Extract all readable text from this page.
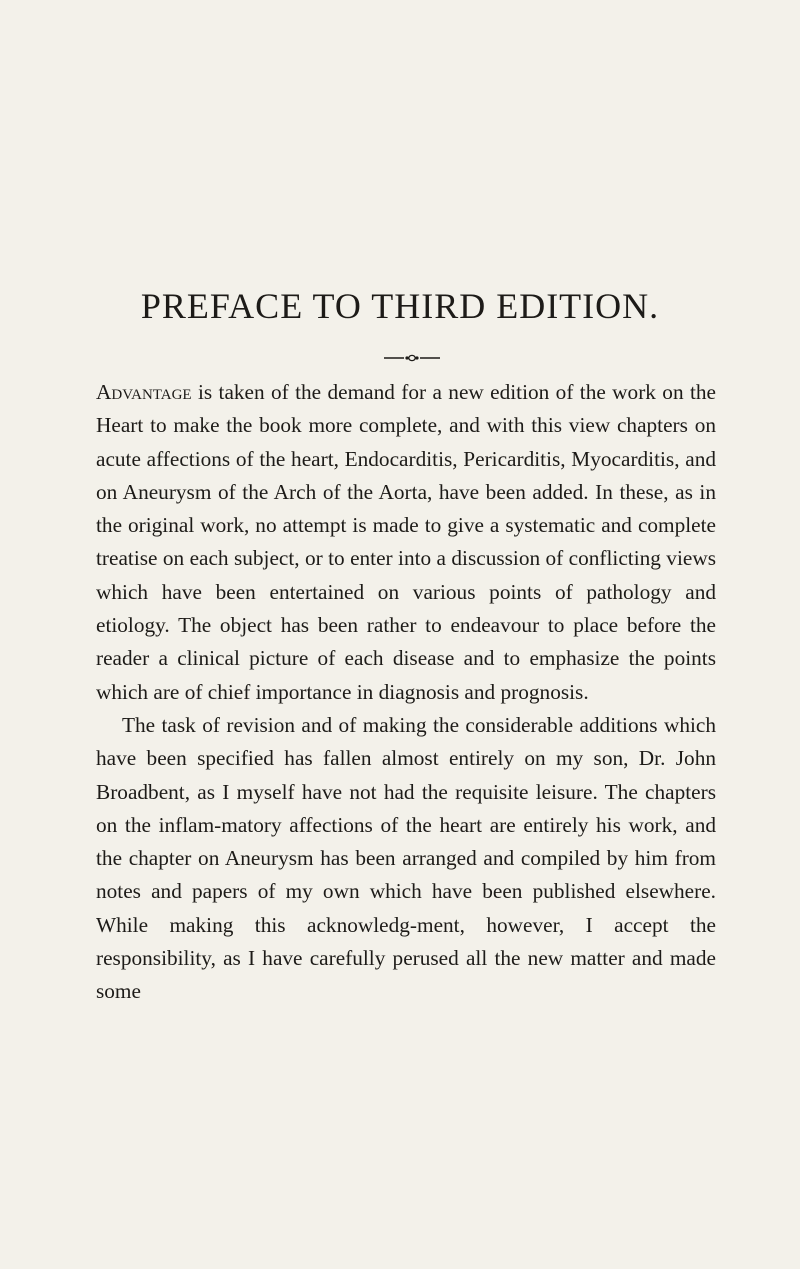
PREFACE TO THIRD EDITION.

Advantage is taken of the demand for a new edition of the work on the Heart to make the book more complete, and with this view chapters on acute affections of the heart, Endocarditis, Pericarditis, Myocarditis, and on Aneurysm of the Arch of the Aorta, have been added. In these, as in the original work, no attempt is made to give a systematic and complete treatise on each subject, or to enter into a discussion of conflicting views which have been entertained on various points of pathology and etiology. The object has been rather to endeavour to place before the reader a clinical picture of each disease and to emphasize the points which are of chief importance in diagnosis and prognosis.

The task of revision and of making the considerable additions which have been specified has fallen almost entirely on my son, Dr. John Broadbent, as I myself have not had the requisite leisure. The chapters on the inflam-matory affections of the heart are entirely his work, and the chapter on Aneurysm has been arranged and compiled by him from notes and papers of my own which have been published elsewhere. While making this acknowledg-ment, however, I accept the responsibility, as I have carefully perused all the new matter and made some
